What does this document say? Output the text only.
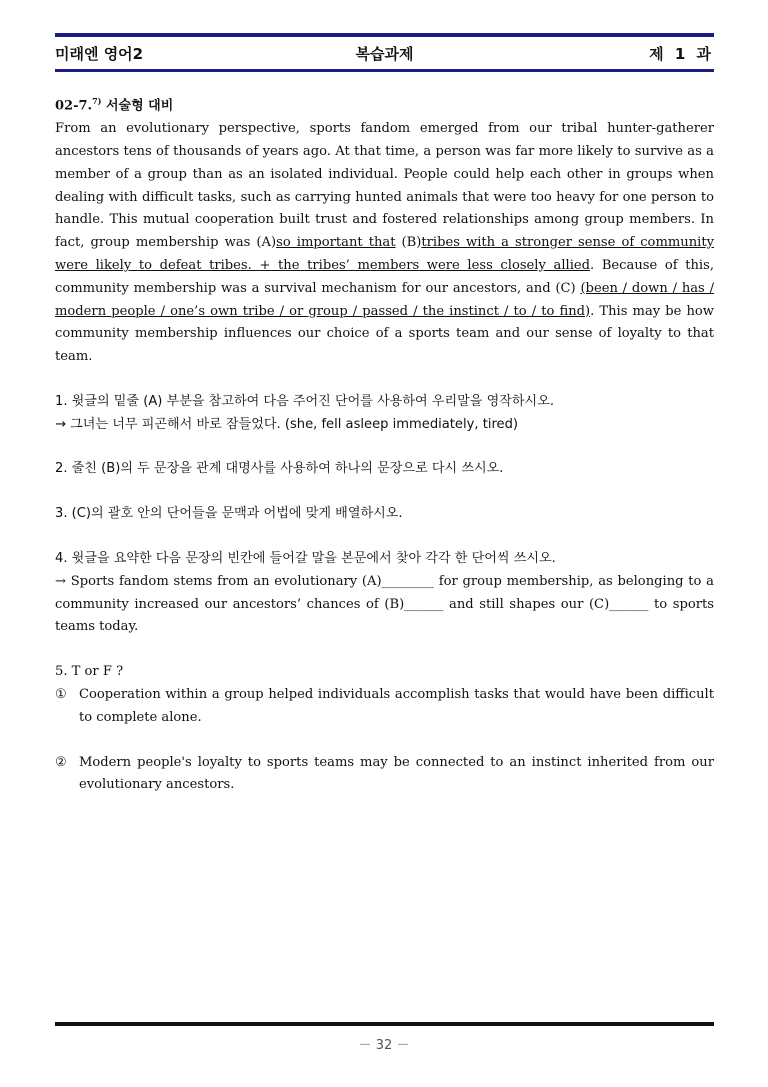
미래엔 영어2	복습과제	제 1 과
02-7.$^{7)}$ 서술형 대비

From an evolutionary perspective, sports fandom emerged from our tribal hunter-gatherer ancestors tens of thousands of years ago. At that time, a person was far more likely to survive as a member of a group than as an isolated individual. People could help each other in groups when dealing with difficult tasks, such as carrying hunted animals that were too heavy for one person to handle. This mutual cooperation built trust and fostered relationships among group members. In fact, group membership was (A)so important that (B)tribes with a stronger sense of community were likely to defeat tribes. + the tribes’ members were less closely allied. Because of this, community membership was a survival mechanism for our ancestors, and (C) (been / down / has / modern people / one’s own tribe / or group / passed / the instinct / to / to find). This may be how community membership influences our choice of a sports team and our sense of loyalty to that team.

1. 윗글의 밑줄 (A) 부분을 참고하여 다음 주어진 단어를 사용하여 우리말을 영작하시오.

→ 그녀는 너무 피곤해서 바로 잠들었다. (she, fell asleep immediately, tired)

2. 줄친 (B)의 두 문장을 관계 대명사를 사용하여 하나의 문장으로 다시 쓰시오.

3. (C)의 괄호 안의 단어들을 문맥과 어법에 맞게 배열하시오.

4. 윗글을 요약한 다음 문장의 빈칸에 들어갈 말을 본문에서 찾아 각각 한 단어씩 쓰시오.

→ Sports fandom stems from an evolutionary (A)________ for group membership, as belonging to a community increased our ancestors’ chances of (B)______ and still shapes our (C)______ to sports teams today.

5. T or F ?

① Cooperation within a group helped individuals accomplish tasks that would have been difficult to complete alone.
② Modern people's loyalty to sports teams may be connected to an instinct inherited from our evolutionary ancestors.
－ 32 －
